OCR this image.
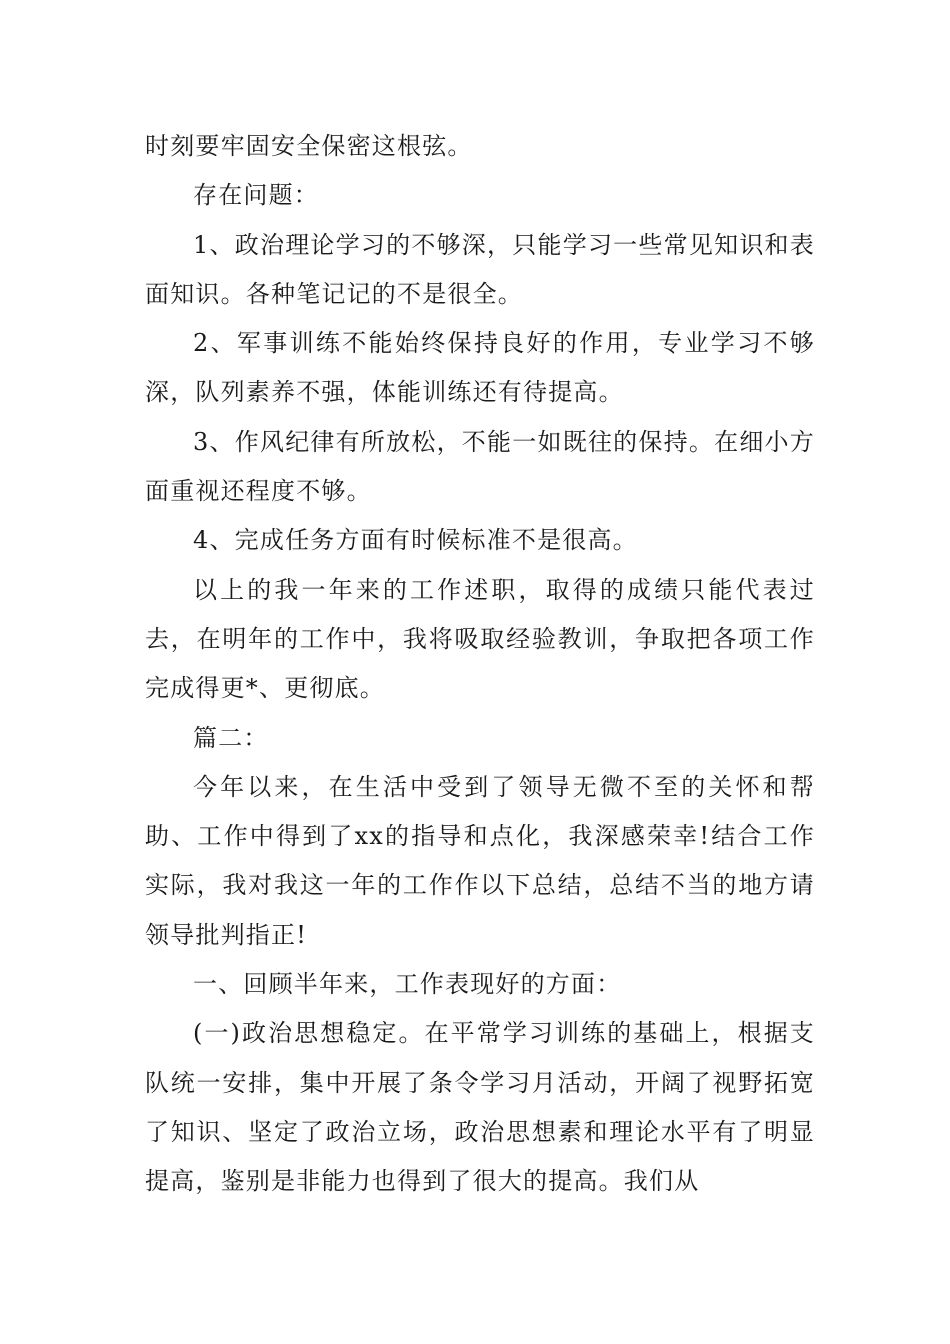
时刻要牢固安全保密这根弦。

存在问题：

1、政治理论学习的不够深，只能学习一些常见知识和表面知识。各种笔记记的不是很全。

2、军事训练不能始终保持良好的作用，专业学习不够深，队列素养不强，体能训练还有待提高。

3、作风纪律有所放松，不能一如既往的保持。在细小方面重视还程度不够。

4、完成任务方面有时候标准不是很高。

以上的我一年来的工作述职，取得的成绩只能代表过去，在明年的工作中，我将吸取经验教训，争取把各项工作完成得更*、更彻底。

篇二：

今年以来，在生活中受到了领导无微不至的关怀和帮助、工作中得到了xx的指导和点化，我深感荣幸!结合工作实际，我对我这一年的工作作以下总结，总结不当的地方请领导批判指正!

一、回顾半年来，工作表现好的方面：

(一)政治思想稳定。在平常学习训练的基础上，根据支队统一安排，集中开展了条令学习月活动，开阔了视野拓宽了知识、坚定了政治立场，政治思想素和理论水平有了明显提高，鉴别是非能力也得到了很大的提高。我们从
